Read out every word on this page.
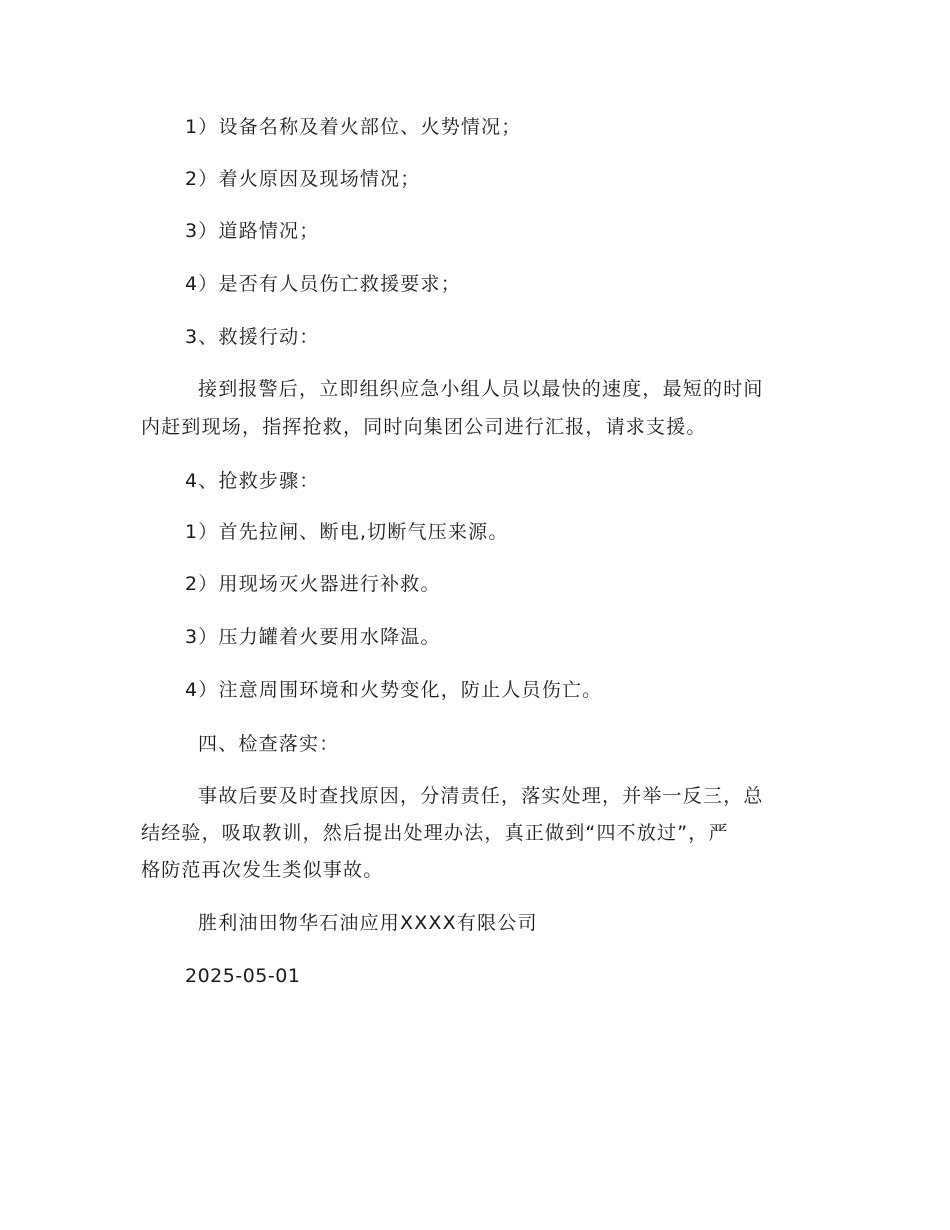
1）设备名称及着火部位、火势情况；
2）着火原因及现场情况；
3）道路情况；
4）是否有人员伤亡救援要求；
3、救援行动：
接到报警后，立即组织应急小组人员以最快的速度，最短的时间
内赶到现场，指挥抢救，同时向集团公司进行汇报，请求支援。
4、抢救步骤：
1）首先拉闸、断电,切断气压来源。
2）用现场灭火器进行补救。
3）压力罐着火要用水降温。
4）注意周围环境和火势变化，防止人员伤亡。
四、检查落实：
事故后要及时查找原因，分清责任，落实处理，并举一反三，总
结经验，吸取教训，然后提出处理办法，真正做到“四不放过”，严
格防范再次发生类似事故。
胜利油田物华石油应用XXXX有限公司
2025-05-01
